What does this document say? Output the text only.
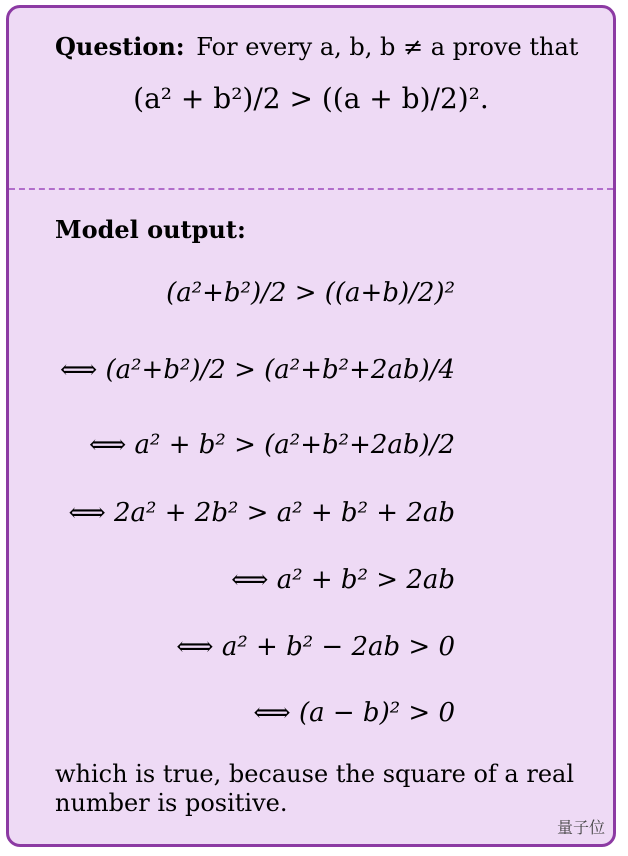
Question: For every a, b, b ≠ a prove that
(a² + b²)/2 > ((a + b)/2)².
Model output:
(a²+b²)/2 > ((a+b)/2)²
⟺ (a²+b²)/2 > (a²+b²+2ab)/4
⟺ a² + b² > (a²+b²+2ab)/2
⟺ 2a² + 2b² > a² + b² + 2ab
⟺ a² + b² > 2ab
⟺ a² + b² − 2ab > 0
⟺ (a − b)² > 0
which is true, because the square of a real number is positive.
量子位
